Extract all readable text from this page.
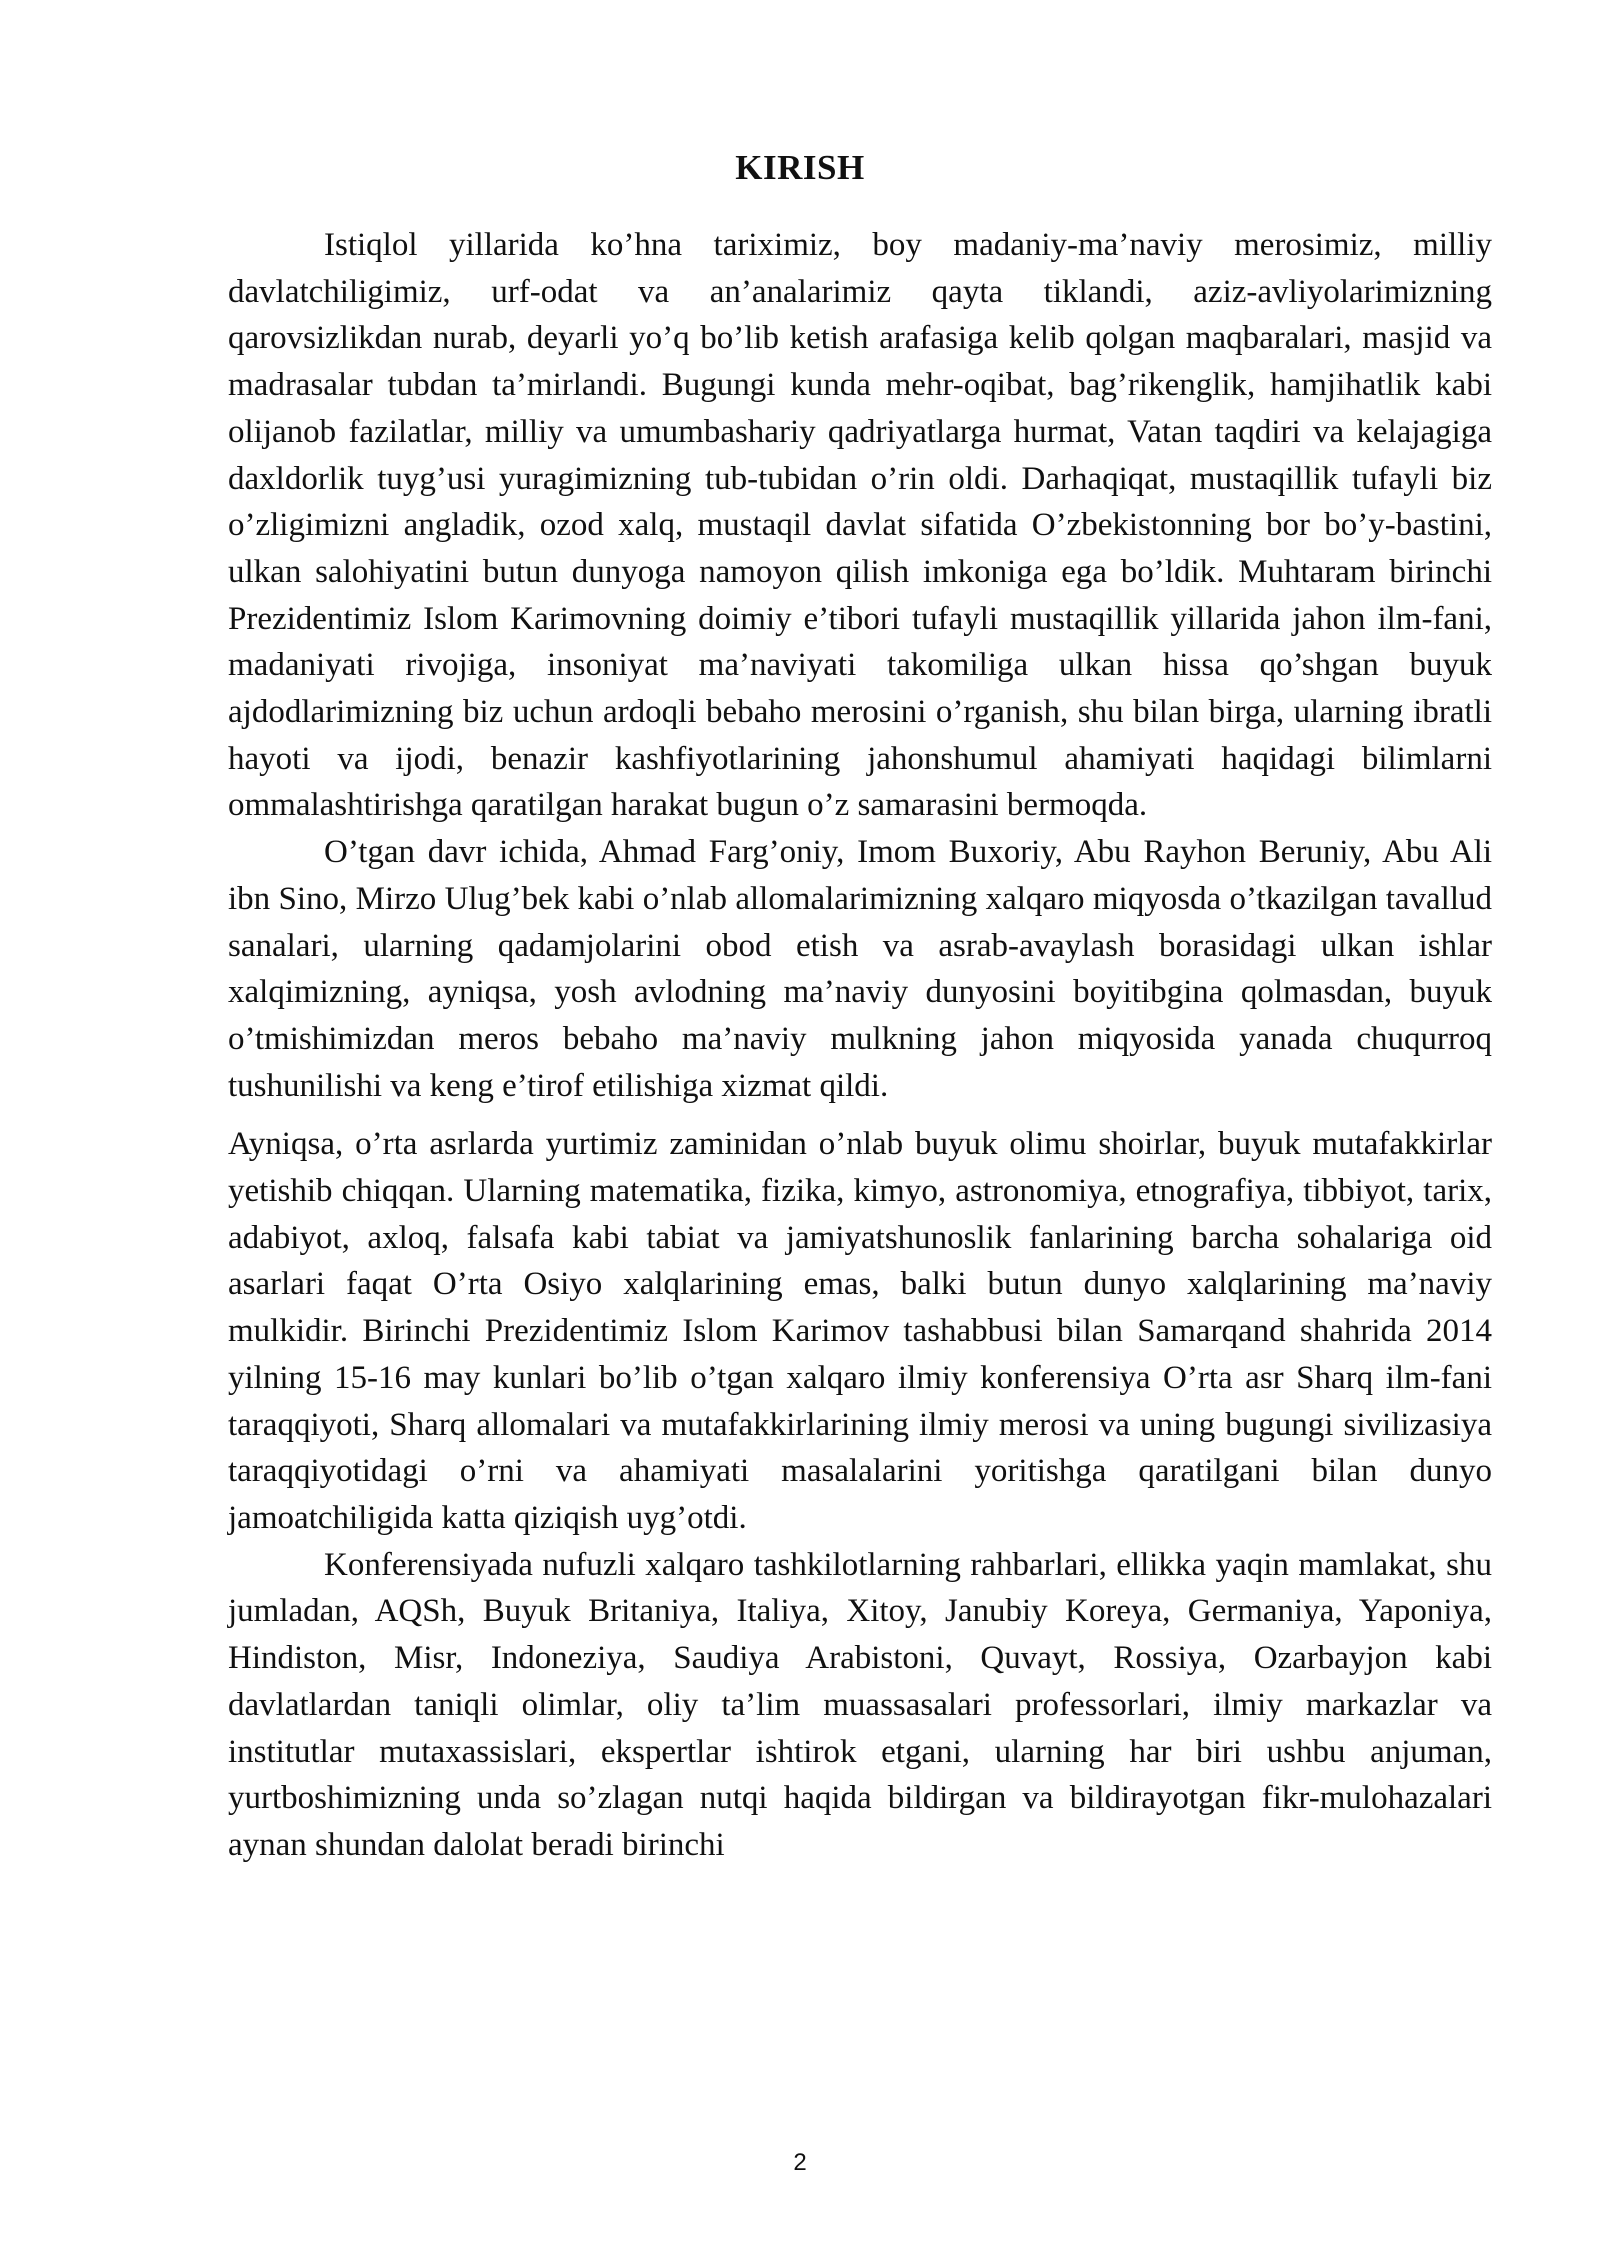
KIRISH

Istiqlol yillarida ko’hna tariximiz, boy madaniy-ma’naviy merosimiz, milliy davlatchiligimiz, urf-odat va an’analarimiz qayta tiklandi, aziz-avliyolarimizning qarovsizlikdan nurab, deyarli yo’q bo’lib ketish arafasiga kelib qolgan maqbaralari, masjid va madrasalar tubdan ta’mirlandi. Bugungi kunda mehr-oqibat, bag’rikenglik, hamjihatlik kabi olijanob fazilatlar, milliy va umumbashariy qadriyatlarga hurmat, Vatan taqdiri va kelajagiga daxldorlik tuyg’usi yuragimizning tub-tubidan o’rin oldi. Darhaqiqat, mustaqillik tufayli biz o’zligimizni angladik, ozod xalq, mustaqil davlat sifatida O’zbekistonning bor bo’y-bastini, ulkan salohiyatini butun dunyoga namoyon qilish imkoniga ega bo’ldik. Muhtaram birinchi Prezidentimiz Islom Karimovning doimiy e’tibori tufayli mustaqillik yillarida jahon ilm-fani, madaniyati rivojiga, insoniyat ma’naviyati takomiliga ulkan hissa qo’shgan buyuk ajdodlarimizning biz uchun ardoqli bebaho merosini o’rganish, shu bilan birga, ularning ibratli hayoti va ijodi, benazir kashfiyotlarining jahonshumul ahamiyati haqidagi bilimlarni ommalashtirishga qaratilgan harakat bugun o’z samarasini bermoqda.

O’tgan davr ichida, Ahmad Farg’oniy, Imom Buxoriy, Abu Rayhon Beruniy, Abu Ali ibn Sino, Mirzo Ulug’bek kabi o’nlab allomalarimizning xalqaro miqyosda o’tkazilgan tavallud sanalari, ularning qadamjolarini obod etish va asrab-avaylash borasidagi ulkan ishlar xalqimizning, ayniqsa, yosh avlodning ma’naviy dunyosini boyitibgina qolmasdan, buyuk o’tmishimizdan meros bebaho ma’naviy mulkning jahon miqyosida yanada chuqurroq tushunilishi va keng e’tirof etilishiga xizmat qildi.

Ayniqsa, o’rta asrlarda yurtimiz zaminidan o’nlab buyuk olimu shoirlar, buyuk mutafakkirlar yetishib chiqqan. Ularning matematika, fizika, kimyo, astronomiya, etnografiya, tibbiyot, tarix, adabiyot, axloq, falsafa kabi tabiat va jamiyatshunoslik fanlarining barcha sohalariga oid asarlari faqat O’rta Osiyo xalqlarining emas, balki butun dunyo xalqlarining ma’naviy mulkidir. Birinchi Prezidentimiz Islom Karimov tashabbusi bilan Samarqand shahrida 2014 yilning 15-16 may kunlari bo’lib o’tgan xalqaro ilmiy konferensiya O’rta asr Sharq ilm-fani taraqqiyoti, Sharq allomalari va mutafakkirlarining ilmiy merosi va uning bugungi sivilizasiya taraqqiyotidagi o’rni va ahamiyati masalalarini yoritishga qaratilgani bilan dunyo jamoatchiligida katta qiziqish uyg’otdi.

Konferensiyada nufuzli xalqaro tashkilotlarning rahbarlari, ellikka yaqin mamlakat, shu jumladan, AQSh, Buyuk Britaniya, Italiya, Xitoy, Janubiy Koreya, Germaniya, Yaponiya, Hindiston, Misr, Indoneziya, Saudiya Arabistoni, Quvayt, Rossiya, Ozarbayjon kabi davlatlardan taniqli olimlar, oliy ta’lim muassasalari professorlari, ilmiy markazlar va institutlar mutaxassislari, ekspertlar ishtirok etgani, ularning har biri ushbu anjuman, yurtboshimizning unda so’zlagan nutqi haqida bildirgan va bildirayotgan fikr-mulohazalari aynan shundan dalolat beradi birinchi

2
